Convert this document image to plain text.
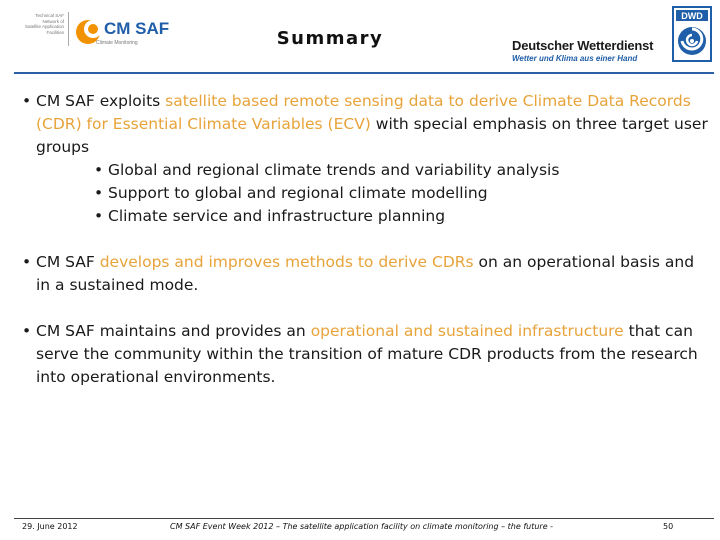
Technical SAF
Network of
Satellite Application
Facilities CM SAF
Climate Monitoring	Summary	Deutscher Wetterdienst
Wetter und Klima aus einer Hand
DWD
• CM SAF exploits satellite based remote sensing data to derive Climate Data Records (CDR) for Essential Climate Variables (ECV) with special emphasis on three target user groups
• Global and regional climate trends and variability analysis
• Support to global and regional climate modelling
• Climate service and infrastructure planning
• CM SAF develops and improves methods to derive CDRs on an operational basis and in a sustained mode.
• CM SAF maintains and provides an operational and sustained infrastructure that can serve the community within the transition of mature CDR products from the research into operational environments.
29. June 2012	CM SAF Event Week 2012 – The satellite application facility on climate monitoring – the future -	50
